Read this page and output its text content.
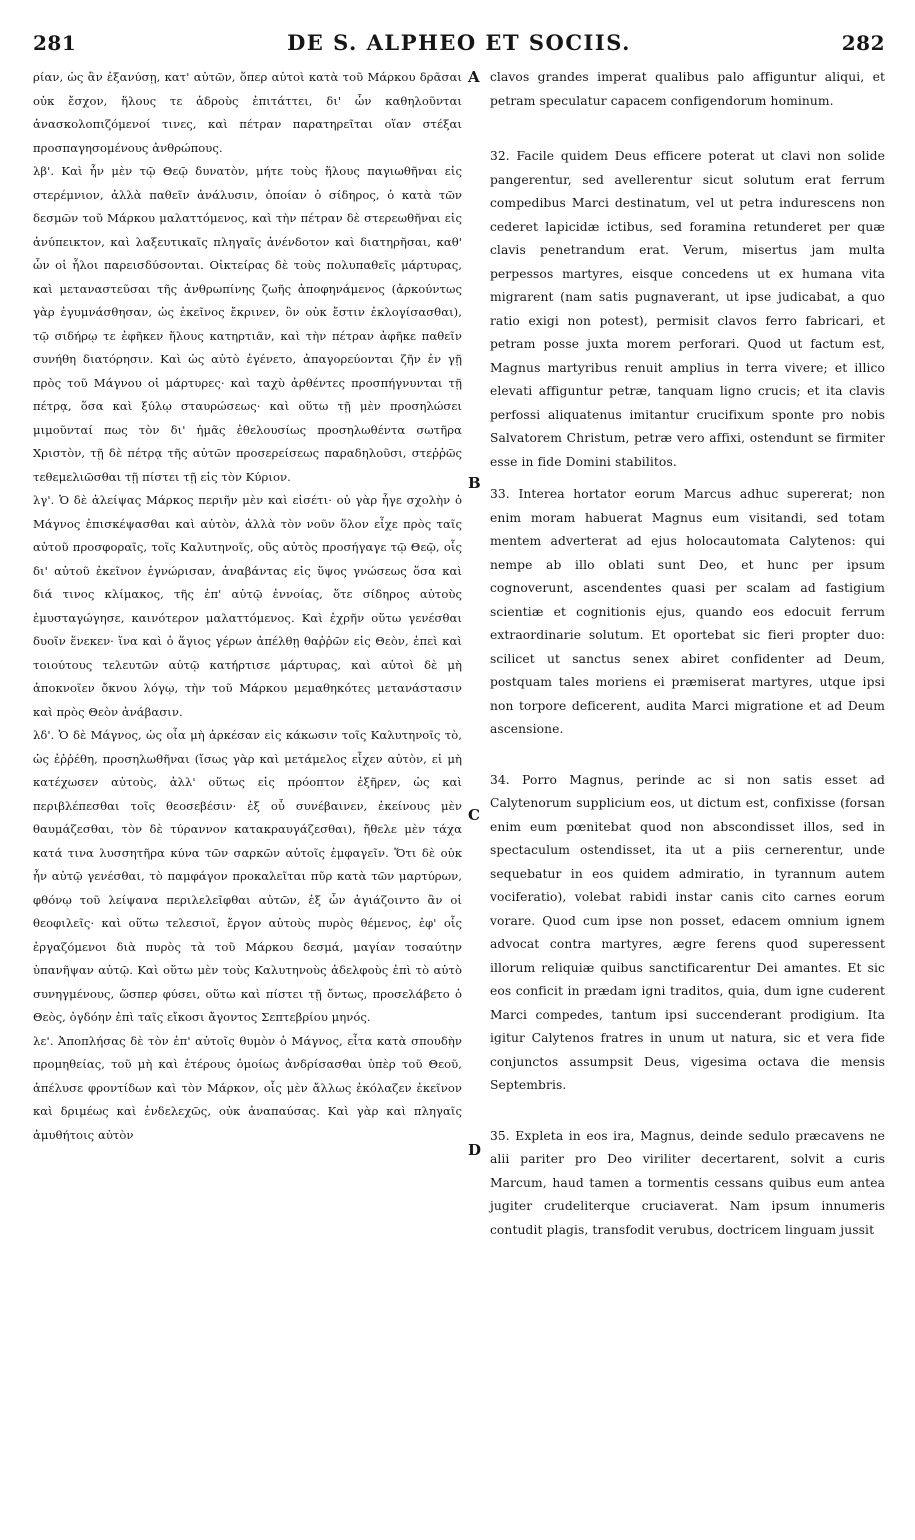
281	DE S. ALPHEO ET SOCIIS.	282

ρίαν, ὡς ἂν ἐξανύσῃ, κατ' αὐτῶν, ὅπερ αὐτοὶ κατὰ τοῦ Μάρκου δρᾶσαι οὐκ ἔσχον, ἥλους τε ἁδροὺς ἐπιτάττει, δι' ὧν καθηλοῦνται ἀνασκολοπιζόμενοί τινες, καὶ πέτραν παρατηρεῖται οἵαν στέξαι προσπαγησομένους ἀνθρώπους.

λβ'. Καὶ ἦν μὲν τῷ Θεῷ δυνατὸν, μήτε τοὺς ἥλους παγιωθῆναι εἰς στερέμνιον, ἀλλὰ παθεῖν ἀνάλυσιν, ὁποίαν ὁ σίδηρος, ὁ κατὰ τῶν δεσμῶν τοῦ Μάρκου μαλαττόμενος, καὶ τὴν πέτραν δὲ στερεωθῆναι εἰς ἀνύπεικτον, καὶ λαξευτικαῖς πληγαῖς ἀνένδοτον καὶ διατηρῆσαι, καθ' ὧν οἱ ἧλοι παρεισδύσονται. Οἰκτείρας δὲ τοὺς πολυπαθεῖς μάρτυρας, καὶ μεταναστεῦσαι τῆς ἀνθρωπίνης ζωῆς ἀποφηνάμενος (ἀρκούντως γὰρ ἐγυμνάσθησαν, ὡς ἐκεῖνος ἔκρινεν, ὃν οὐκ ἔστιν ἐκλογίσασθαι), τῷ σιδήρῳ τε ἐφῆκεν ἥλους κατηρτιᾶν, καὶ τὴν πέτραν ἀφῆκε παθεῖν συνήθη διατόρησιν. Καὶ ὡς αὐτὸ ἐγένετο, ἀπαγορεύονται ζῆν ἐν γῇ πρὸς τοῦ Μάγνου οἱ μάρτυρες· καὶ ταχὺ ἀρθέντες προσπήγνυνται τῇ πέτρᾳ, ὅσα καὶ ξύλῳ σταυρώσεως· καὶ οὕτω τῇ μὲν προσηλώσει μιμοῦνταί πως τὸν δι' ἡμᾶς ἐθελουσίως προσηλωθέντα σωτῆρα Χριστὸν, τῇ δὲ πέτρᾳ τῆς αὐτῶν προσερείσεως παραδηλοῦσι, στεῤῥῶς τεθεμελιῶσθαι τῇ πίστει τῇ εἰς τὸν Κύριον.

λγ'. Ὁ δὲ ἀλείψας Μάρκος περιῆν μὲν καὶ εἰσέτι· οὐ γὰρ ἦγε σχολὴν ὁ Μάγνος ἐπισκέψασθαι καὶ αὐτὸν, ἀλλὰ τὸν νοῦν ὅλον εἶχε πρὸς ταῖς αὐτοῦ προσφοραῖς, τοῖς Καλυτηνοῖς, οὓς αὐτὸς προσήγαγε τῷ Θεῷ, οἷς δι' αὐτοῦ ἐκεῖνον ἐγνώρισαν, ἀναβάντας εἰς ὕψος γνώσεως ὅσα καὶ διά τινος κλίμακος, τῆς ἐπ' αὐτῷ ἐννοίας, ὅτε σίδηρος αὐτοὺς ἐμυσταγώγησε, καινότερον μαλαττόμενος. Καὶ ἐχρῆν οὕτω γενέσθαι δυοῖν ἕνεκεν· ἵνα καὶ ὁ ἅγιος γέρων ἀπέλθῃ θαῤῥῶν εἰς Θεὸν, ἐπεὶ καὶ τοιούτους τελευτῶν αὐτῷ κατήρτισε μάρτυρας, καὶ αὐτοὶ δὲ μὴ ἀποκνοῖεν ὄκνου λόγῳ, τὴν τοῦ Μάρκου μεμαθηκότες μετανάστασιν καὶ πρὸς Θεὸν ἀνάβασιν.

λδ'. Ὁ δὲ Μάγνος, ὡς οἷα μὴ ἀρκέσαν εἰς κάκωσιν τοῖς Καλυτηνοῖς τὸ, ὡς ἐῤῥέθη, προσηλωθῆναι (ἴσως γὰρ καὶ μετάμελος εἶχεν αὐτὸν, εἰ μὴ κατέχωσεν αὐτοὺς, ἀλλ' οὕτως εἰς πρόοπτον ἐξῆρεν, ὡς καὶ περιβλέπεσθαι τοῖς θεοσεβέσιν· ἐξ οὗ συνέβαινεν, ἐκείνους μὲν θαυμάζεσθαι, τὸν δὲ τύραννον κατακραυγάζεσθαι), ἤθελε μὲν τάχα κατά τινα λυσσητῆρα κύνα τῶν σαρκῶν αὐτοῖς ἐμφαγεῖν. Ὅτι δὲ οὐκ ἦν αὐτῷ γενέσθαι, τὸ παμφάγον προκαλεῖται πῦρ κατὰ τῶν μαρτύρων, φθόνῳ τοῦ λείψανα περιλελεῖφθαι αὐτῶν, ἐξ ὧν ἁγιάζοιντο ἂν οἱ θεοφιλεῖς· καὶ οὕτω τελεσιοῖ, ἔργον αὐτοὺς πυρὸς θέμενος, ἐφ' οἷς ἐργαζόμενοι διὰ πυρὸς τὰ τοῦ Μάρκου δεσμά, μαγίαν τοσαύτην ὑπανῆψαν αὐτῷ. Καὶ οὕτω μὲν τοὺς Καλυτηνοὺς ἀδελφοὺς ἐπὶ τὸ αὐτὸ συνηγμένους, ὥσπερ φύσει, οὕτω καὶ πίστει τῇ ὄντως, προσελάβετο ὁ Θεὸς, ὀγδόην ἐπὶ ταῖς εἴκοσι ἄγοντος Σεπτεβρίου μηνός.

λε'. Ἀποπλήσας δὲ τὸν ἐπ' αὐτοῖς θυμὸν ὁ Μάγνος, εἶτα κατὰ σπουδὴν προμηθείας, τοῦ μὴ καὶ ἑτέρους ὁμοίως ἀνδρίσασθαι ὑπὲρ τοῦ Θεοῦ, ἀπέλυσε φροντίδων καὶ τὸν Μάρκον, οἷς μὲν ἄλλως ἐκόλαζεν ἐκεῖνον καὶ δριμέως καὶ ἐνδελεχῶς, οὐκ ἀναπαύσας. Καὶ γὰρ καὶ πληγαῖς ἀμυθήτοις αὐτὸν

A
B
C
D

clavos grandes imperat qualibus palo affiguntur aliqui, et petram speculatur capacem configendorum hominum.

32. Facile quidem Deus efficere poterat ut clavi non solide pangerentur, sed avellerentur sicut solutum erat ferrum compedibus Marci destinatum, vel ut petra indurescens non cederet lapicidæ ictibus, sed foramina retunderet per quæ clavis penetrandum erat. Verum, misertus jam multa perpessos martyres, eisque concedens ut ex humana vita migrarent (nam satis pugnaverant, ut ipse judicabat, a quo ratio exigi non potest), permisit clavos ferro fabricari, et petram posse juxta morem perforari. Quod ut factum est, Magnus martyribus renuit amplius in terra vivere; et illico elevati affiguntur petræ, tanquam ligno crucis; et ita clavis perfossi aliquatenus imitantur crucifixum sponte pro nobis Salvatorem Christum, petræ vero affixi, ostendunt se firmiter esse in fide Domini stabilitos.

33. Interea hortator eorum Marcus adhuc supererat; non enim moram habuerat Magnus eum visitandi, sed totam mentem adverterat ad ejus holocautomata Calytenos: qui nempe ab illo oblati sunt Deo, et hunc per ipsum cognoverunt, ascendentes quasi per scalam ad fastigium scientiæ et cognitionis ejus, quando eos edocuit ferrum extraordinarie solutum. Et oportebat sic fieri propter duo: scilicet ut sanctus senex abiret confidenter ad Deum, postquam tales moriens ei præmiserat martyres, utque ipsi non torpore deficerent, audita Marci migratione et ad Deum ascensione.

34. Porro Magnus, perinde ac si non satis esset ad Calytenorum supplicium eos, ut dictum est, confixisse (forsan enim eum pœnitebat quod non abscondisset illos, sed in spectaculum ostendisset, ita ut a piis cernerentur, unde sequebatur in eos quidem admiratio, in tyrannum autem vociferatio), volebat rabidi instar canis cito carnes eorum vorare. Quod cum ipse non posset, edacem omnium ignem advocat contra martyres, ægre ferens quod superessent illorum reliquiæ quibus sanctificarentur Dei amantes. Et sic eos conficit in prædam igni traditos, quia, dum igne cuderent Marci compedes, tantum ipsi succenderant prodigium. Ita igitur Calytenos fratres in unum ut natura, sic et vera fide conjunctos assumpsit Deus, vigesima octava die mensis Septembris.

35. Expleta in eos ira, Magnus, deinde sedulo præcavens ne alii pariter pro Deo viriliter decertarent, solvit a curis Marcum, haud tamen a tormentis cessans quibus eum antea jugiter crudeliterque cruciaverat. Nam ipsum innumeris contudit plagis, transfodit verubus, doctricem linguam jussit
